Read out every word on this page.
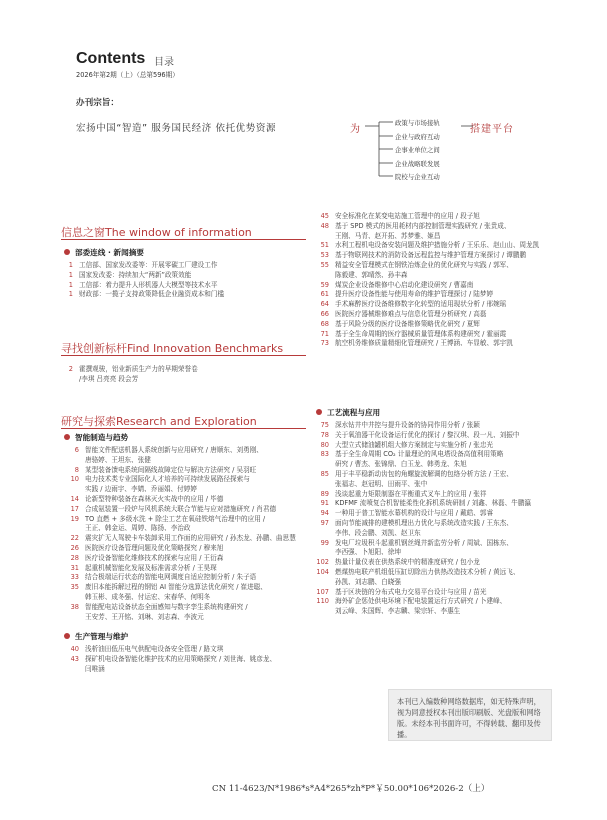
Contents 目录
2026年第2期（上）（总第596期）
办刊宗旨：
宏扬中国“智造” 服务国民经济 依托优势资源	为	搭建平台
政策与市场接轨
企业与政府互动
企事业单位之间
企业战略联发展
院校与企业互动
信息之窗The window of information
部委连线 · 新闻摘要
1 工信部、国家发改委等：开展零碳工厂建设工作
1 国家发改委：持续加大“两新”政策效能
1 工信部：着力提升人形机器人大模型等技术水平
1 财政部：一揽子支持政策降低企业融资成本和门槛
寻找创新标杆Find Innovation Benchmarks
2 霍撰观骏，铝业新质生产力的早期荣誉卷
/李琪 吕亮亮 段会芳
研究与探索Research and Exploration
智能制造与趋势
6 智能文件配送机器人系统创新与应用研究 / 唐顺东、刘勇刚、
唐骆婷、王坦东、张健
8 某型装备馈电系统间隔线故障定位与解决方法研究 / 吴羽旺
10 电力技术类专业国际化人才培养的可持续发展路径探索与
实践 / 边雨宇、李婧、乔丽娟、付婷婷
14 论新型特种装备在森林灭火实战中的应用 / 毕德
17 合成氨装置一段炉与风机系统大联合节能与应对措施研究 / 肖君德
19 TO 直燃 + 多级水洗 + 除尘工艺在氧硅铁熔气治理中的应用 /
王正、韩金运、周婷、陈扬、李治政
22 震灾扩无人驾驶卡车装卸采用工作面的应用研究 / 孙杰龙、孙鹏、曲思慧
26 医院医疗设备管理问题及优化策略探究 / 穆来旭
28 医疗设备智能化维修技术的探索与应用 / 王衍森
31 起重机械智能化发展及标准需求分析 / 王昊琛
33 结合极端运行状态的智能电网调度自适应控制分析 / 朱子语
35 废旧本能拆解过程的钢铝 AI 智能分选算法优化研究 / 崔进聪、
韩玉彬、成冬强、付运宏、宋春华、何明冬
38 智能配电站设备状态全面感知与数字孪生系统构建研究 /
王安芳、王开铭、刘琳、刘志森、李波元
生产管理与维护
40 浅析油田低压电气供配电设备安全管理 / 路文琪
43 探矿机电设备智能化维护技术的应用策略探究 / 刘世海、姚彦龙、
闫唯涵
45 安全标准化在某变电站施工管理中的应用 / 段子旭
48 基于 SPD 模式的医用耗材内部控制管理实践研究 / 张贵成、
王刚、马青、赵开拓、苏梦雅、姬昌
51 水利工程机电设备安装问题及维护措施分析 / 王乐乐、赵山山、周龙凯
53 基于物联网技术的消防设备远程监控与维护管理方案探讨 / 谭鹏鹏
55 精益安全管理模式在钢铁冶炼企业的优化研究与实践 / 郭军、
陈毅建、郭晴然、孙丰森
59 煤炭企业设备维修中心启动化建设研究 / 曹嘉南
61 提升医疗设备性能与使用寿命的维护管理探讨 / 陆梦婷
64 手术麻醉医疗设备维修数字化转型的适用现状分析 / 邢婉瑶
66 医院医疗器械维修难点与信息化管理分析研究 / 高磊
68 基于风险分级的医疗设备维修策略优化研究 / 夏辉
71 基于全生命周期的医疗器械质量管理体系构建研究 / 霍丽霞
73 航空机务维修质量精细化管理研究 / 王博涵、车显敏、郭宇凯
工艺流程与应用
75 深水钻井中井控与提升设备的协同作用分析 / 张颖
78 关于氧油器干化设备运行优化的探讨 / 黎汉琪、段一凡、刘振中
80 大型立式储油罐机组大修方案制定与实施分析 / 张忠光
83 基于全生命周期 CO₂ 计量理论的风电塔设备高值利用策略
研究 / 曹杰、张锦鼎、白玉龙、韩勇龙、朱旭
85 用于丰平稳新动齿包的角螺旋波解调的包络分析方法 / 王宏、
张福志、赵冠明、田雨平、张中
89 浅谈起重力矩限制器在平衡重式叉车上的应用 / 张祥
91 KDFMF 流喷复合机智能柔性化拆机系统研制 / 刘鑫、林磊、牛鹏瀛
94 一种用于普工智能水幕机构的设计与应用 / 戴皓、郭睿
97 面向节能减排的建模机理出力优化与系统改造实践 / 王东杰、
李伟、段会鹏、刘凯、赵卫东
99 发电厂垃圾积斗起重机钢丝绳井新监劳分析 / 周斌、国栋东、
李西强、卜旭阳、徐坤
102 热量计量仪表在供热系统中的精准度研究 / 包小龙
104 燃煤热电联产机组低压缸切除出力供热改造技术分析 / 黄远飞、
孙凯、刘志鹏、白晓强
107 基于区块链的分布式电力交易平台设计与应用 / 苗光
110 海外矿企惩处供电环境下配电装置运行方式研究 / 卜建峰、
刘云峰、朱国辉、李志麟、梁宗轩、李惠生
本刊已入编数种网络数据库，如无特殊声明，视为同意授权本刊出版印刷版、光盘版和网络版。未经本刊书面许可，不得转载、翻印及传播。
CN 11-4623/N*1986*s*A4*265*zh*P*￥50.00*106*2026-2（上）
